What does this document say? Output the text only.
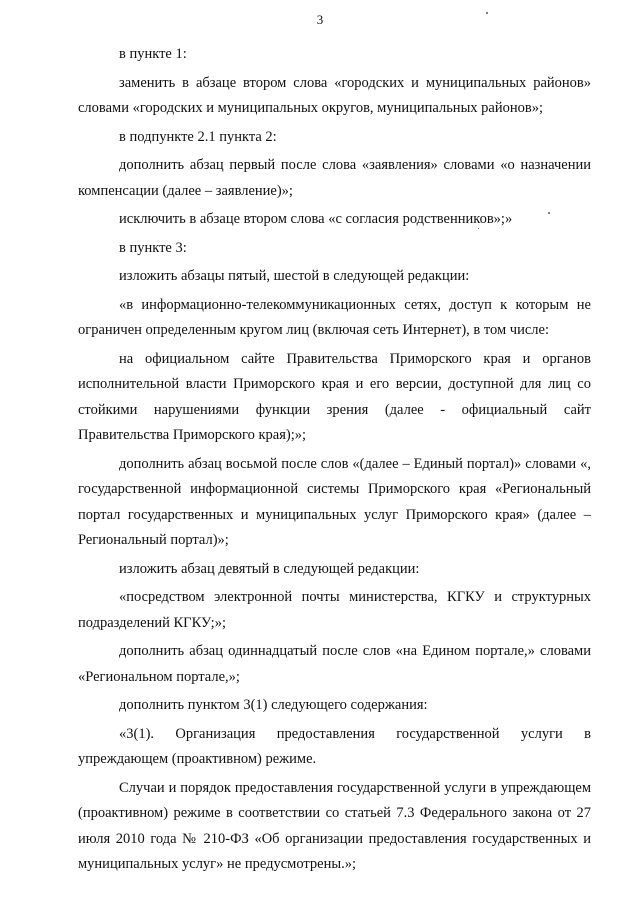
3

в пункте 1:

заменить в абзаце втором слова «городских и муниципальных районов» словами «городских и муниципальных округов, муниципальных районов»;

в подпункте 2.1 пункта 2:

дополнить абзац первый после слова «заявления» словами «о назначении компенсации (далее – заявление)»;

исключить в абзаце втором слова «с согласия родственников»;»

в пункте 3:

изложить абзацы пятый, шестой в следующей редакции:

«в информационно-телекоммуникационных сетях, доступ к которым не ограничен определенным кругом лиц (включая сеть Интернет), в том числе:

на официальном сайте Правительства Приморского края и органов исполнительной власти Приморского края и его версии, доступной для лиц со стойкими нарушениями функции зрения (далее - официальный сайт Правительства Приморского края);»;

дополнить абзац восьмой после слов «(далее – Единый портал)» словами «, государственной информационной системы Приморского края «Региональный портал государственных и муниципальных услуг Приморского края» (далее – Региональный портал)»;

изложить абзац девятый в следующей редакции:

«посредством электронной почты министерства, КГКУ и структурных подразделений КГКУ;»;

дополнить абзац одиннадцатый после слов «на Едином портале,» словами «Региональном портале,»;

дополнить пунктом 3(1) следующего содержания:

«3(1). Организация предоставления государственной услуги в упреждающем (проактивном) режиме.

Случаи и порядок предоставления государственной услуги в упреждающем (проактивном) режиме в соответствии со статьей 7.3 Федерального закона от 27 июля 2010 года № 210-ФЗ «Об организации предоставления государственных и муниципальных услуг» не предусмотрены.»;
